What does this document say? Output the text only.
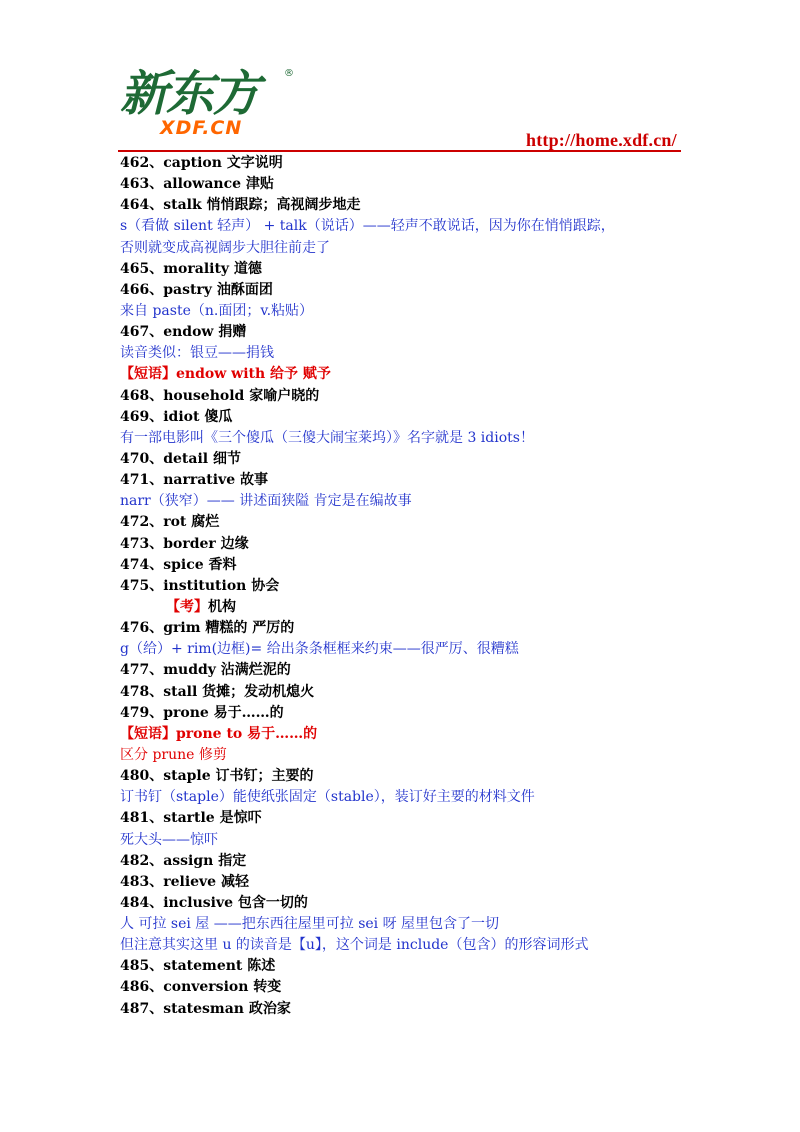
新东方	®
XDF.CN
http://home.xdf.cn/
462、caption 文字说明
463、allowance 津贴
464、stalk 悄悄跟踪；高视阔步地走
s（看做 silent 轻声） + talk（说话）——轻声不敢说话，因为你在悄悄跟踪，
否则就变成高视阔步大胆往前走了
465、morality 道德
466、pastry 油酥面团
来自 paste（n.面团；v.粘贴）
467、endow 捐赠
读音类似：银豆——捐钱
【短语】endow with 给予 赋予
468、household 家喻户晓的
469、idiot 傻瓜
有一部电影叫《三个傻瓜（三傻大闹宝莱坞）》名字就是 3 idiots！
470、detail 细节
471、narrative 故事
narr（狭窄）—— 讲述面狭隘 肯定是在编故事
472、rot 腐烂
473、border 边缘
474、spice 香料
475、institution 协会
【考】机构
476、grim 糟糕的 严厉的
g（给）+ rim(边框)= 给出条条框框来约束——很严厉、很糟糕
477、muddy 沾满烂泥的
478、stall 货摊；发动机熄火
479、prone 易于……的
【短语】prone to 易于……的
区分 prune 修剪
480、staple 订书钉；主要的
订书钉（staple）能使纸张固定（stable），装订好主要的材料文件
481、startle 是惊吓
死大头——惊吓
482、assign 指定
483、relieve 减轻
484、inclusive 包含一切的
人 可拉 sei 屋 ——把东西往屋里可拉 sei 呀 屋里包含了一切
但注意其实这里 u 的读音是【u】，这个词是 include（包含）的形容词形式
485、statement 陈述
486、conversion 转变
487、statesman 政治家
